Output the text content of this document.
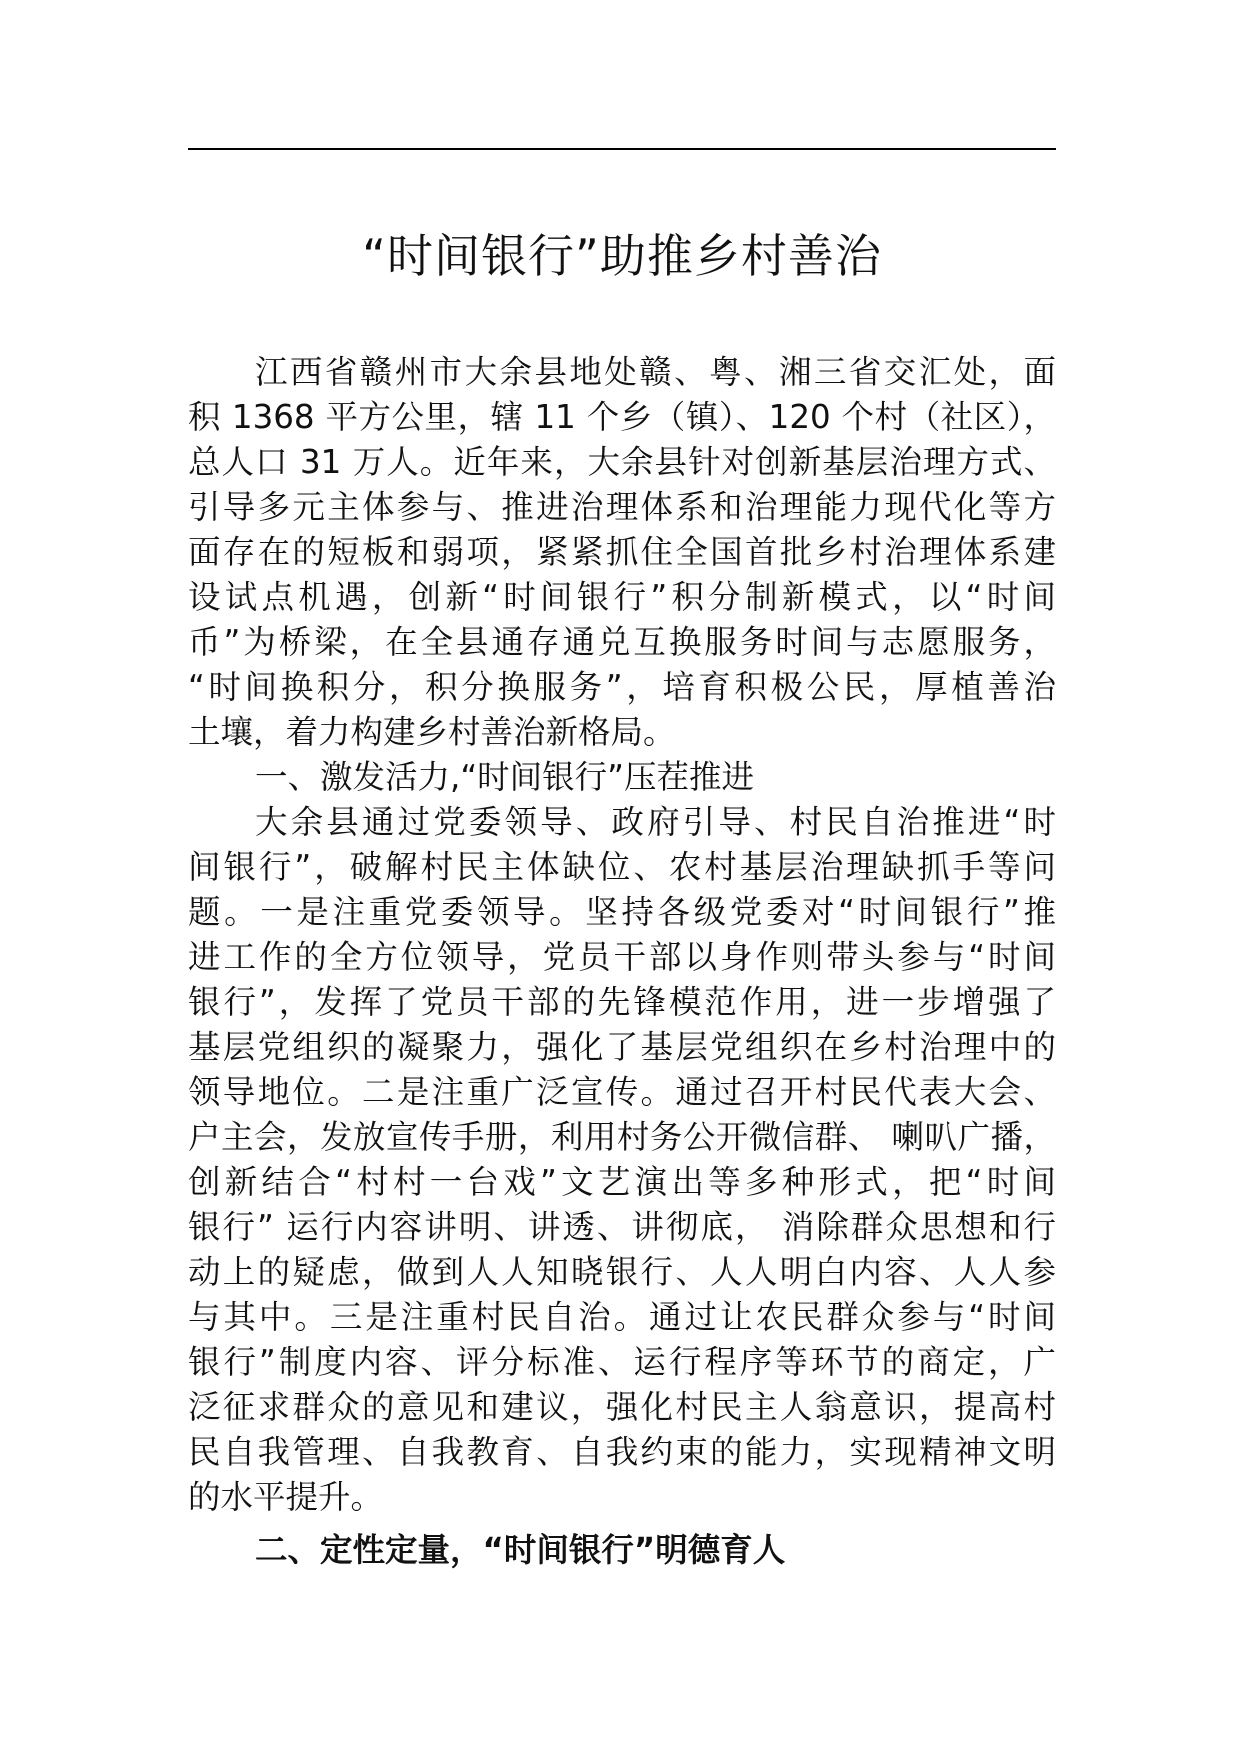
“时间银行”助推乡村善治
江西省赣州市大余县地处赣、粤、湘三省交汇处，面
积 1368 平方公里，辖 11 个乡（镇）、120 个村（社区），
总人口 31 万人。近年来，大余县针对创新基层治理方式、
引导多元主体参与、推进治理体系和治理能力现代化等方
面存在的短板和弱项，紧紧抓住全国首批乡村治理体系建
设试点机遇，创新“时间银行”积分制新模式，以“时间
币”为桥梁，在全县通存通兑互换服务时间与志愿服务，
“时间换积分，积分换服务”，培育积极公民，厚植善治
土壤，着力构建乡村善治新格局。
一、激发活力,“时间银行”压茬推进
大余县通过党委领导、政府引导、村民自治推进“时
间银行”，破解村民主体缺位、农村基层治理缺抓手等问
题。一是注重党委领导。坚持各级党委对“时间银行”推
进工作的全方位领导，党员干部以身作则带头参与“时间
银行”，发挥了党员干部的先锋模范作用，进一步增强了
基层党组织的凝聚力，强化了基层党组织在乡村治理中的
领导地位。二是注重广泛宣传。通过召开村民代表大会、
户主会，发放宣传手册，利用村务公开微信群、 喇叭广播，
创新结合“村村一台戏”文艺演出等多种形式，把“时间
银行” 运行内容讲明、讲透、讲彻底， 消除群众思想和行
动上的疑虑，做到人人知晓银行、人人明白内容、人人参
与其中。三是注重村民自治。通过让农民群众参与“时间
银行”制度内容、评分标准、运行程序等环节的商定，广
泛征求群众的意见和建议，强化村民主人翁意识，提高村
民自我管理、自我教育、自我约束的能力，实现精神文明
的水平提升。
二、定性定量，“时间银行”明德育人
